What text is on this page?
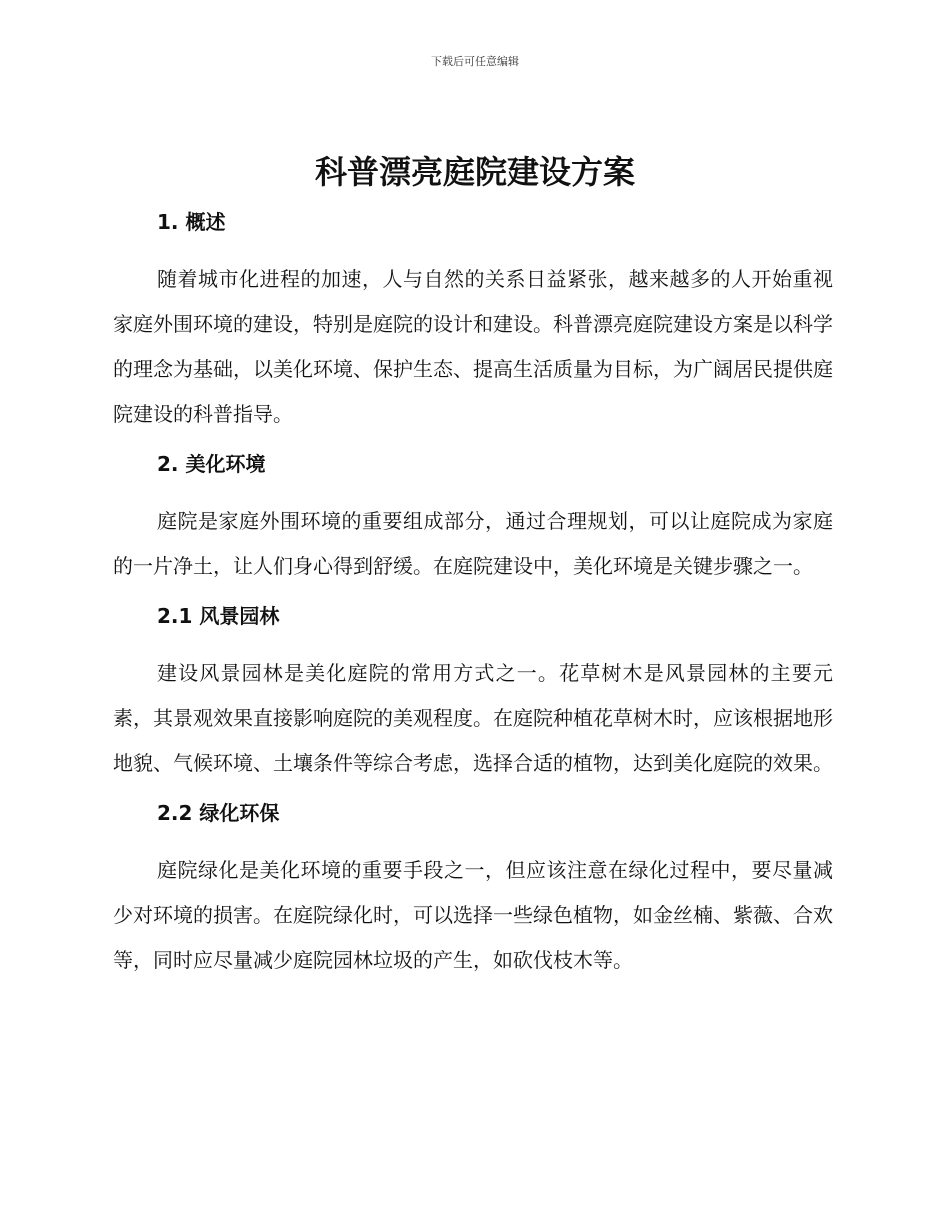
下载后可任意编辑
科普漂亮庭院建设方案
1. 概述

随着城市化进程的加速，人与自然的关系日益紧张，越来越多的人开始重视家庭外围环境的建设，特别是庭院的设计和建设。科普漂亮庭院建设方案是以科学的理念为基础，以美化环境、保护生态、提高生活质量为目标，为广阔居民提供庭院建设的科普指导。

2. 美化环境

庭院是家庭外围环境的重要组成部分，通过合理规划，可以让庭院成为家庭的一片净土，让人们身心得到舒缓。在庭院建设中，美化环境是关键步骤之一。

2.1 风景园林

建设风景园林是美化庭院的常用方式之一。花草树木是风景园林的主要元素，其景观效果直接影响庭院的美观程度。在庭院种植花草树木时，应该根据地形地貌、气候环境、土壤条件等综合考虑，选择合适的植物，达到美化庭院的效果。

2.2 绿化环保

庭院绿化是美化环境的重要手段之一，但应该注意在绿化过程中，要尽量减少对环境的损害。在庭院绿化时，可以选择一些绿色植物，如金丝楠、紫薇、合欢等，同时应尽量减少庭院园林垃圾的产生，如砍伐枝木等。
